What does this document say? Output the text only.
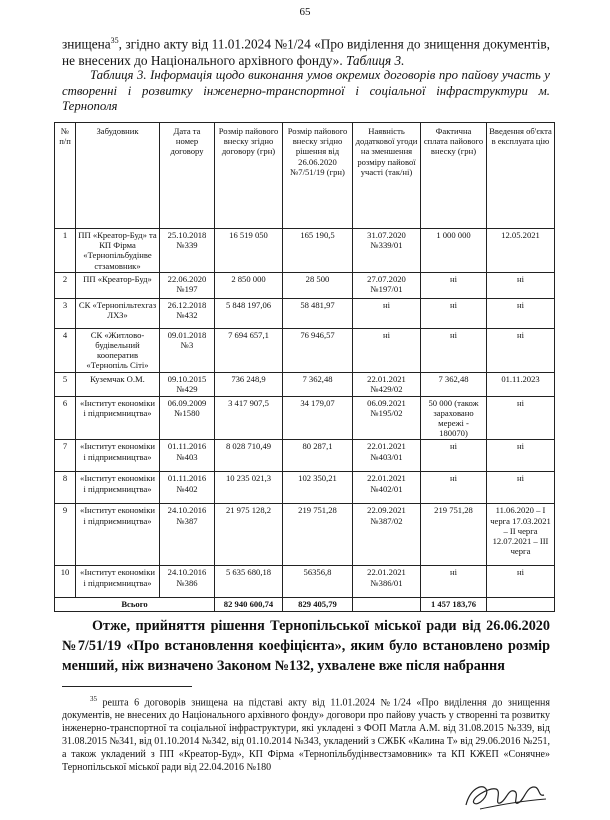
65
знищена$^{35}$, згідно акту від 11.01.2024 №1/24 «Про виділення до знищення документів, не внесених до Національного архівного фонду». Таблиця 3.
Таблиця 3. Інформація щодо виконання умов окремих договорів про пайову участь у створенні і розвитку інженерно-транспортної і соціальної інфраструктури м. Тернополя
№ п/п	Забудовник	Дата та номер договору	Розмір пайового внеску згідно договору (грн)	Розмір пайового внеску згідно рішення від 26.06.2020 №7/51/19 (грн)	Наявність додаткової угоди на зменшення розміру пайової участі (так/ні)	Фактична сплата пайового внеску (грн)	Введення об'єкта в експлуата цію
1	ПП «Креатор-Буд» та КП Фірма «Тернопільбудінве стзамовник»	25.10.2018 №339	16 519 050	165 190,5	31.07.2020 №339/01	1 000 000	12.05.2021
2	ПП «Креатор-Буд»	22.06.2020 №197	2 850 000	28 500	27.07.2020 №197/01	ні	ні
3	СК «Тернопільтехгаз ЛХЗ»	26.12.2018 №432	5 848 197,06	58 481,97	ні	ні	ні
4	СК «Житлово-будівельний кооператив «Тернопіль Сіті»	09.01.2018 №3	7 694 657,1	76 946,57	ні	ні	ні
5	Куземчак О.М.	09.10.2015 №429	736 248,9	7 362,48	22.01.2021 №429/02	7 362,48	01.11.2023
6	«Інститут економіки і підприємництва»	06.09.2009 №1580	3 417 907,5	34 179,07	06.09.2021 №195/02	50 000 (також зараховано мережі - 180070)	ні
7	«Інститут економіки і підприємництва»	01.11.2016 №403	8 028 710,49	80 287,1	22.01.2021 №403/01	ні	ні
8	«Інститут економіки і підприємництва»	01.11.2016 №402	10 235 021,3	102 350,21	22.01.2021 №402/01	ні	ні
9	«Інститут економіки і підприємництва»	24.10.2016 №387	21 975 128,2	219 751,28	22.09.2021 №387/02	219 751,28	11.06.2020 – I черга 17.03.2021 – II черга 12.07.2021 – III черга
10	«Інститут економіки і підприємництва»	24.10.2016 №386	5 635 680,18	56356,8	22.01.2021 №386/01	ні	ні
Всього			82 940 600,74	829 405,79		1 457 183,76	
Отже, прийняття рішення Тернопільської міської ради від 26.06.2020 №7/51/19 «Про встановлення коефіцієнта», яким було встановлено розмір менший, ніж визначено Законом №132, ухвалене вже після набрання
$^{35}$ решта 6 договорів знищена на підставі акту від 11.01.2024 №1/24 «Про виділення до знищення документів, не внесених до Національного архівного фонду» договори про пайову участь у створенні та розвитку інженерно-транспортної та соціальної інфраструктури, які укладені з ФОП Матла А.М. від 31.08.2015 №339, від 31.08.2015 №341, від 01.10.2014 №342, від 01.10.2014 №343, укладений з СЖБК «Калина Т» від 29.06.2016 №251, а також укладений з ПП «Креатор-Буд», КП Фірма «Тернопільбудінвестзамовник» та КП КЖЕП «Сонячне» Тернопільської міської ради від 22.04.2016 №180
